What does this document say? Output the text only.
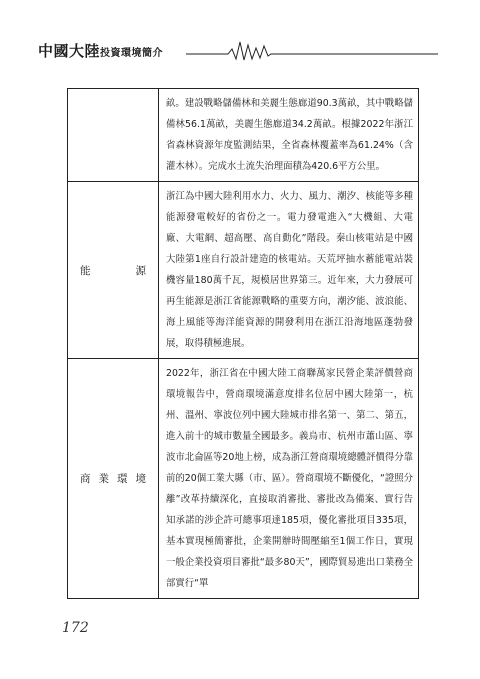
中國大陸投資環境簡介
	畝。建設戰略儲備林和美麗生態廊道90.3萬畝，其中戰略儲備林56.1萬畝，美麗生態廊道34.2萬畝。根據2022年浙江省森林資源年度監測結果，全省森林覆蓋率為61.24%（含灌木林）。完成水土流失治理面積為420.6平方公里。
能源	浙江為中國大陸利用水力、火力、風力、潮汐、核能等多種能源發電較好的省份之一。電力發電進入“大機組、大電廠、大電網、超高壓、高自動化”階段。秦山核電站是中國大陸第1座自行設計建造的核電站。天荒坪抽水蓄能電站裝機容量180萬千瓦，規模居世界第三。近年來，大力發展可再生能源是浙江省能源戰略的重要方向，潮汐能、波浪能、海上風能等海洋能資源的開發利用在浙江沿海地區蓬勃發展，取得積極進展。
商業環境	2022年，浙江省在中國大陸工商聯萬家民營企業評價營商環境報告中，營商環境滿意度排名位居中國大陸第一，杭州、溫州、寧波位列中國大陸城市排名第一、第二、第五，進入前十的城市數量全國最多。義烏市、杭州市蕭山區、寧波市北侖區等20地上榜，成為浙江營商環境總體評價得分靠前的20個工業大縣（市、區）。營商環境不斷優化，“證照分離”改革持續深化，直接取消審批、審批改為備案、實行告知承諾的涉企許可總事項達185項，優化審批項目335項，基本實現極簡審批，企業開辦時間壓縮至1個工作日，實現一般企業投資項目審批“最多80天”，國際貿易進出口業務全部實行“單
172
